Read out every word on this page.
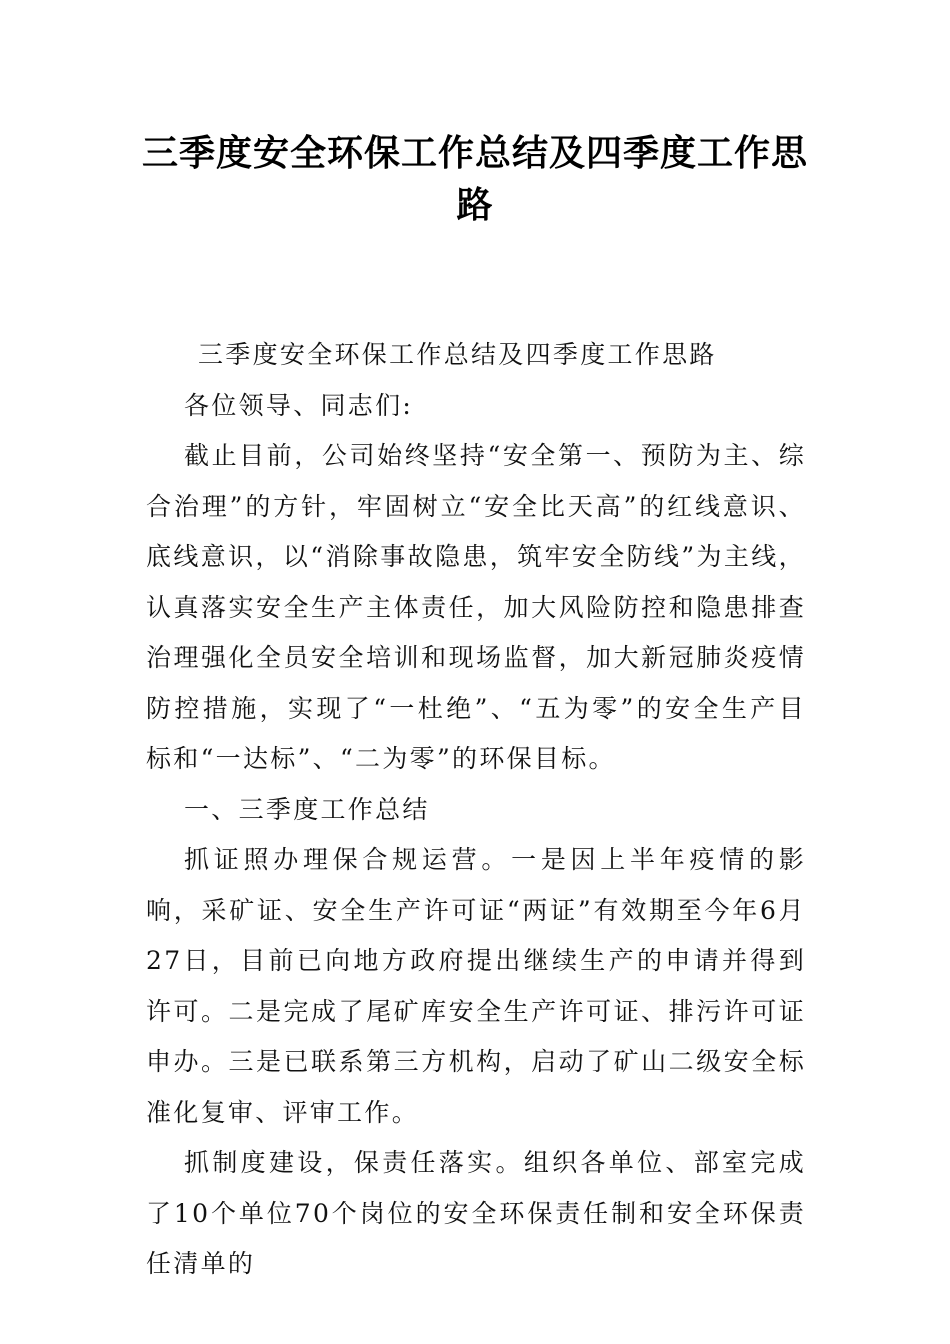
三季度安全环保工作总结及四季度工作思路

三季度安全环保工作总结及四季度工作思路

各位领导、同志们:

截止目前，公司始终坚持“安全第一、预防为主、综合治理”的方针，牢固树立“安全比天高”的红线意识、底线意识，以“消除事故隐患，筑牢安全防线”为主线，认真落实安全生产主体责任，加大风险防控和隐患排查治理强化全员安全培训和现场监督，加大新冠肺炎疫情防控措施，实现了“一杜绝”、“五为零”的安全生产目标和“一达标”、“二为零”的环保目标。

一、三季度工作总结

抓证照办理保合规运营。一是因上半年疫情的影响，采矿证、安全生产许可证“两证”有效期至今年6月27日，目前已向地方政府提出继续生产的申请并得到许可。二是完成了尾矿库安全生产许可证、排污许可证申办。三是已联系第三方机构，启动了矿山二级安全标准化复审、评审工作。

抓制度建设，保责任落实。组织各单位、部室完成了10个单位70个岗位的安全环保责任制和安全环保责任清单的
